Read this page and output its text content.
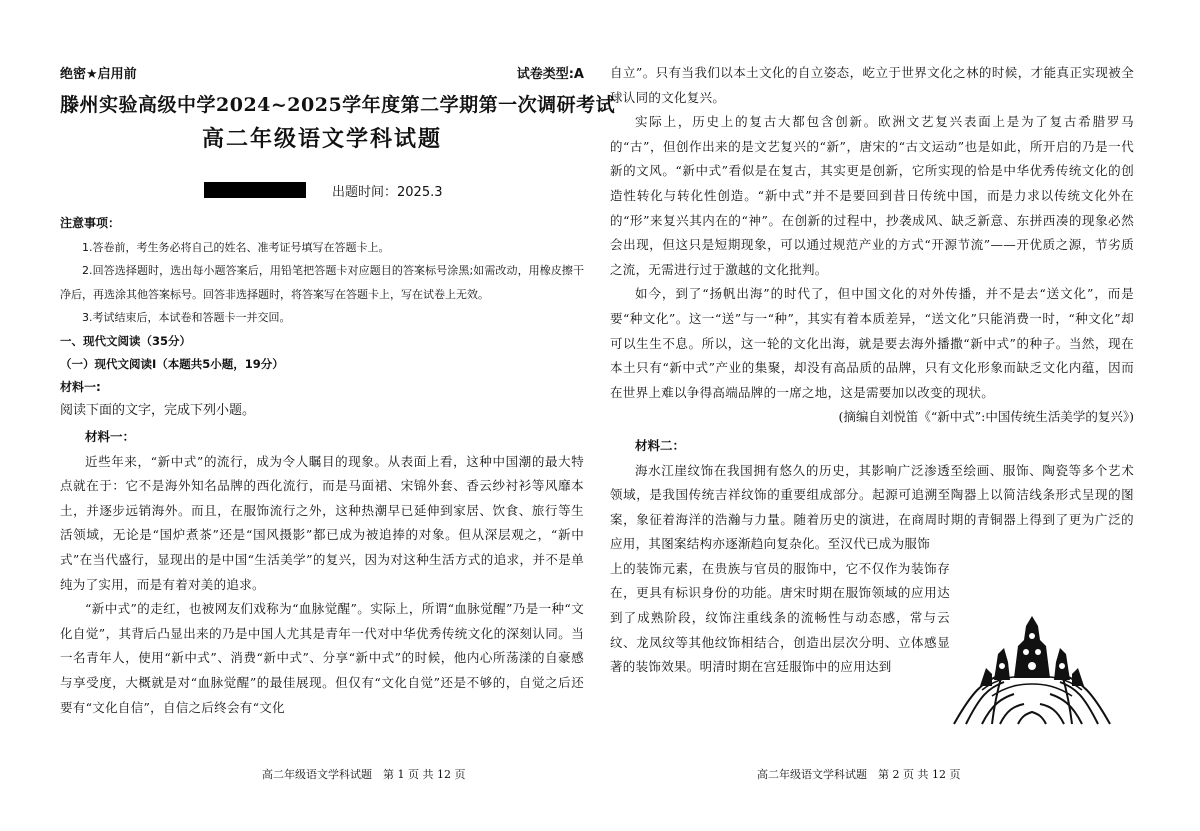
绝密★启用前	试卷类型:A
滕州实验高级中学2024~2025学年度第二学期第一次调研考试
高二年级语文学科试题
出题时间：2025.3
注意事项：
1.答卷前，考生务必将自己的姓名、准考证号填写在答题卡上。
2.回答选择题时，选出每小题答案后，用铅笔把答题卡对应题目的答案标号涂黑;如需改动，用橡皮擦干净后，再选涂其他答案标号。回答非选择题时，将答案写在答题卡上，写在试卷上无效。
3.考试结束后，本试卷和答题卡一并交回。
一、现代文阅读（35分）
（一）现代文阅读Ⅰ（本题共5小题，19分）
材料一:
阅读下面的文字，完成下列小题。
材料一：

近些年来，“新中式”的流行，成为令人瞩目的现象。从表面上看，这种中国潮的最大特点就在于：它不是海外知名品牌的西化流行，而是马面裙、宋锦外套、香云纱衬衫等风靡本土，并逐步远销海外。而且，在服饰流行之外，这种热潮早已延伸到家居、饮食、旅行等生活领域，无论是“国炉煮茶”还是“国风摄影”都已成为被追捧的对象。但从深层观之，“新中式”在当代盛行，显现出的是中国“生活美学”的复兴，因为对这种生活方式的追求，并不是单纯为了实用，而是有着对美的追求。

“新中式”的走红，也被网友们戏称为“血脉觉醒”。实际上，所谓“血脉觉醒”乃是一种“文化自觉”，其背后凸显出来的乃是中国人尤其是青年一代对中华优秀传统文化的深刻认同。当一名青年人，使用“新中式”、消费“新中式”、分享“新中式”的时候，他内心所荡漾的自豪感与享受度，大概就是对“血脉觉醒”的最佳展现。但仅有“文化自觉”还是不够的，自觉之后还要有“文化自信”，自信之后终会有“文化

高二年级语文学科试题　第 1 页 共 12 页

自立”。只有当我们以本土文化的自立姿态，屹立于世界文化之林的时候，才能真正实现被全球认同的文化复兴。

实际上，历史上的复古大都包含创新。欧洲文艺复兴表面上是为了复古希腊罗马的“古”，但创作出来的是文艺复兴的“新”，唐宋的“古文运动”也是如此，所开启的乃是一代新的文风。“新中式”看似是在复古，其实更是创新，它所实现的恰是中华优秀传统文化的创造性转化与转化性创造。“新中式”并不是要回到昔日传统中国，而是力求以传统文化外在的“形”来复兴其内在的“神”。在创新的过程中，抄袭成风、缺乏新意、东拼西凑的现象必然会出现，但这只是短期现象，可以通过规范产业的方式“开源节流”——开优质之源，节劣质之流，无需进行过于激越的文化批判。

如今，到了“扬帆出海”的时代了，但中国文化的对外传播，并不是去“送文化”，而是要“种文化”。这一“送”与一“种”，其实有着本质差异，“送文化”只能消费一时，“种文化”却可以生生不息。所以，这一轮的文化出海，就是要去海外播撒“新中式”的种子。当然，现在本土只有“新中式”产业的集聚，却没有高品质的品牌，只有文化形象而缺乏文化内蕴，因而在世界上难以争得高端品牌的一席之地，这是需要加以改变的现状。

(摘编自刘悦笛《“新中式”:中国传统生活美学的复兴》)

材料二：

海水江崖纹饰在我国拥有悠久的历史，其影响广泛渗透至绘画、服饰、陶瓷等多个艺术领域，是我国传统吉祥纹饰的重要组成部分。起源可追溯至陶器上以简洁线条形式呈现的图案，象征着海洋的浩瀚与力量。随着历史的演进，在商周时期的青铜器上得到了更为广泛的应用，其图案结构亦逐渐趋向复杂化。至汉代已成为服饰

上的装饰元素，在贵族与官员的服饰中，它不仅作为装饰存在，更具有标识身份的功能。唐宋时期在服饰领域的应用达到了成熟阶段，纹饰注重线条的流畅性与动态感，常与云纹、龙凤纹等其他纹饰相结合，创造出层次分明、立体感显著的装饰效果。明清时期在宫廷服饰中的应用达到

高二年级语文学科试题　第 2 页 共 12 页
